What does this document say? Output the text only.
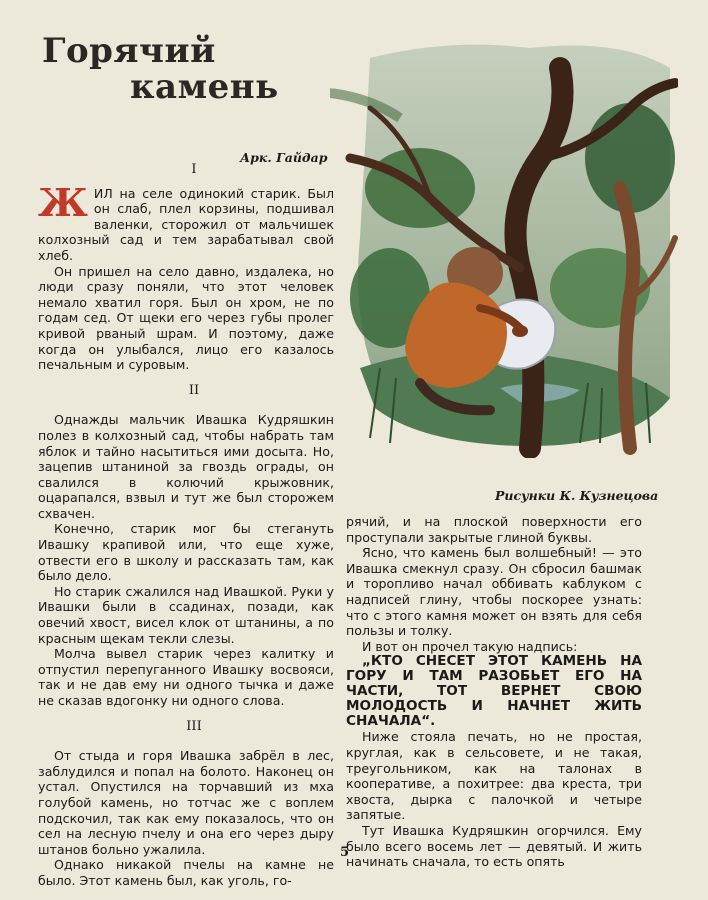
Горячий
камень
Арк. Гайдар

I

ЖИЛ на селе одинокий старик. Был он слаб, плел корзины, подшивал валенки, сторожил от мальчишек колхозный сад и тем зарабатывал свой хлеб.

Он пришел на село давно, издалека, но люди сразу поняли, что этот человек немало хватил горя. Был он хром, не по годам сед. От щеки его через губы пролег кривой рваный шрам. И поэтому, даже когда он улыбался, лицо его казалось печальным и суровым.

II

Однажды мальчик Ивашка Кудряшкин полез в колхозный сад, чтобы набрать там яблок и тайно насытиться ими досыта. Но, зацепив штаниной за гвоздь ограды, он свалился в колючий крыжовник, оцарапался, взвыл и тут же был сторожем схвачен.

Конечно, старик мог бы стегануть Ивашку крапивой или, что еще хуже, отвести его в школу и рассказать там, как было дело.

Но старик сжалился над Ивашкой. Руки у Ивашки были в ссадинах, позади, как овечий хвост, висел клок от штанины, а по красным щекам текли слезы.

Молча вывел старик через калитку и отпустил перепуганного Ивашку восвояси, так и не дав ему ни одного тычка и даже не сказав вдогонку ни одного слова.

III

От стыда и горя Ивашка забрёл в лес, заблудился и попал на болото. Наконец он устал. Опустился на торчавший из мха голубой камень, но тотчас же с воплем подскочил, так как ему показалось, что он сел на лесную пчелу и она его через дыру штанов больно ужалила.

Однако никакой пчелы на камне не было. Этот камень был, как уголь, го-

Рисунки К. Кузнецова

рячий, и на плоской поверхности его проступали закрытые глиной буквы.

Ясно, что камень был волшебный! — это Ивашка смекнул сразу. Он сбросил башмак и торопливо начал оббивать каблуком с надписей глину, чтобы поскорее узнать: что с этого камня может он взять для себя пользы и толку.

И вот он прочел такую надпись:

„КТО СНЕСЕТ ЭТОТ КАМЕНЬ НА ГОРУ И ТАМ РАЗОБЬЕТ ЕГО НА ЧАСТИ, ТОТ ВЕРНЕТ СВОЮ МОЛОДОСТЬ И НАЧНЕТ ЖИТЬ СНАЧАЛА“.

Ниже стояла печать, но не простая, круглая, как в сельсовете, и не такая, треугольником, как на талонах в кооперативе, а похитрее: два креста, три хвоста, дырка с палочкой и четыре запятые.

Тут Ивашка Кудряшкин огорчился. Ему было всего восемь лет — девятый. И жить начинать сначала, то есть опять

5
